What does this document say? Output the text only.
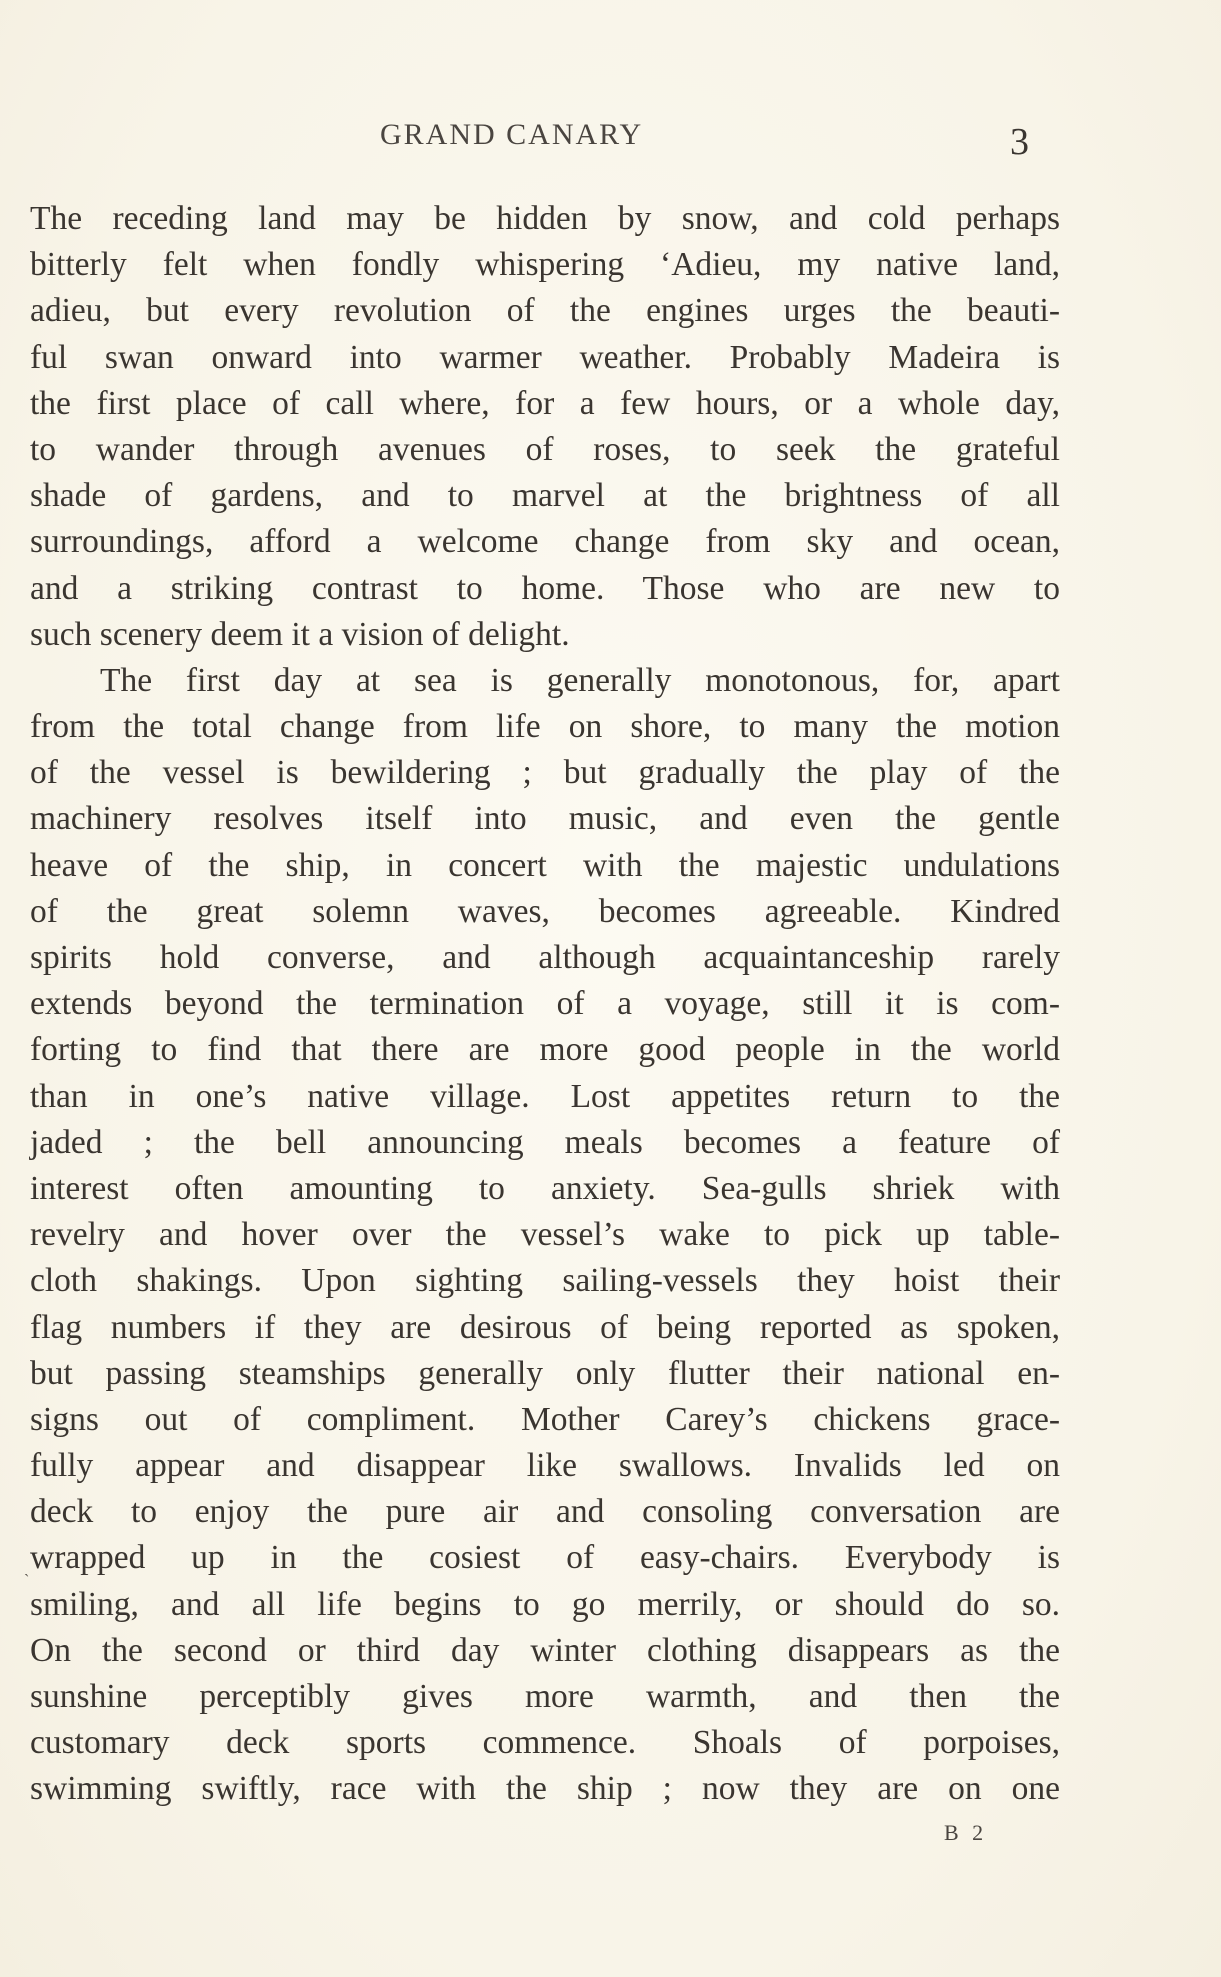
GRAND CANARY	3
The receding land may be hidden by snow, and cold perhaps
bitterly felt when fondly whispering ‘Adieu, my native land,
adieu, but every revolution of the engines urges the beauti-
ful swan onward into warmer weather. Probably Madeira is
the first place of call where, for a few hours, or a whole day,
to wander through avenues of roses, to seek the grateful
shade of gardens, and to marvel at the brightness of all
surroundings, afford a welcome change from sky and ocean,
and a striking contrast to home. Those who are new to
such scenery deem it a vision of delight.
The first day at sea is generally monotonous, for, apart
from the total change from life on shore, to many the motion
of the vessel is bewildering ; but gradually the play of the
machinery resolves itself into music, and even the gentle
heave of the ship, in concert with the majestic undulations
of the great solemn waves, becomes agreeable. Kindred
spirits hold converse, and although acquaintanceship rarely
extends beyond the termination of a voyage, still it is com-
forting to find that there are more good people in the world
than in one’s native village. Lost appetites return to the
jaded ; the bell announcing meals becomes a feature of
interest often amounting to anxiety. Sea-gulls shriek with
revelry and hover over the vessel’s wake to pick up table-
cloth shakings. Upon sighting sailing-vessels they hoist their
flag numbers if they are desirous of being reported as spoken,
but passing steamships generally only flutter their national en-
signs out of compliment. Mother Carey’s chickens grace-
fully appear and disappear like swallows. Invalids led on
deck to enjoy the pure air and consoling conversation are
wrapped up in the cosiest of easy-chairs. Everybody is
smiling, and all life begins to go merrily, or should do so.
On the second or third day winter clothing disappears as the
sunshine perceptibly gives more warmth, and then the
customary deck sports commence. Shoals of porpoises,
swimming swiftly, race with the ship ; now they are on one
ˎ
B 2
